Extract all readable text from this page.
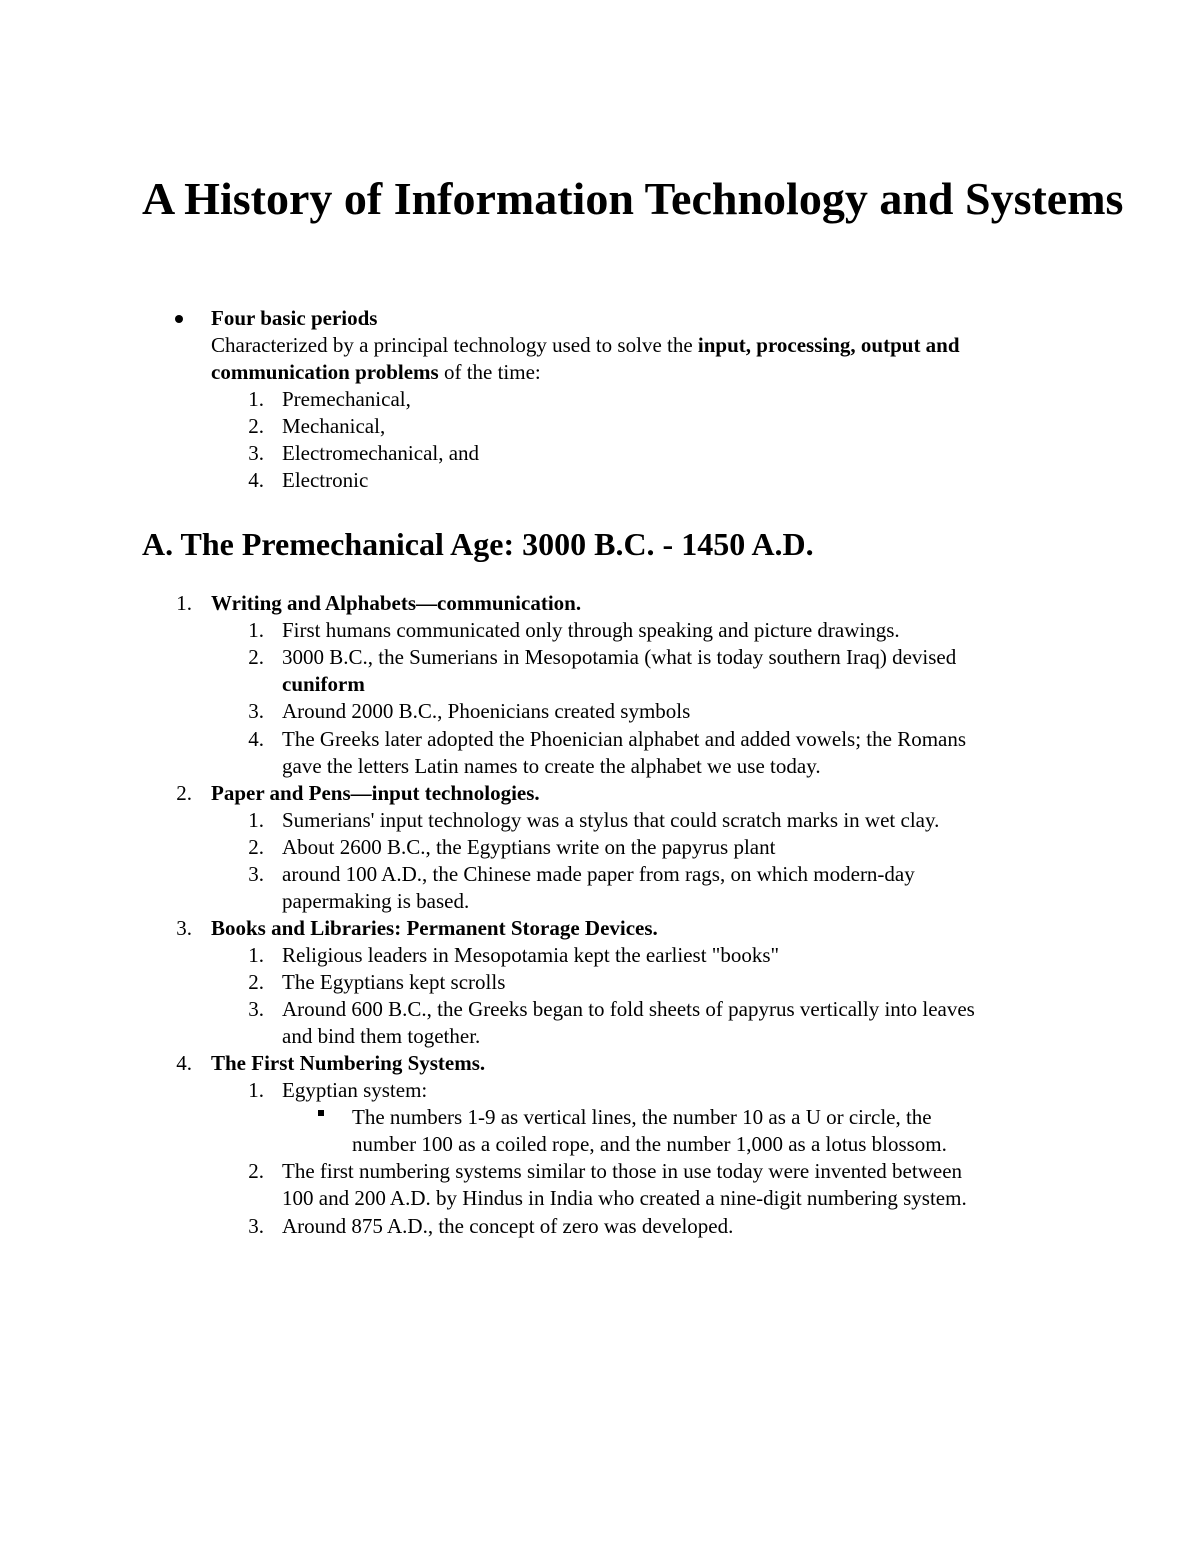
A History of Information Technology and Systems
Four basic periods
Characterized by a principal technology used to solve the input, processing, output and
communication problems of the time:
1. Premechanical,
2. Mechanical,
3. Electromechanical, and
4. Electronic
A. The Premechanical Age: 3000 B.C. - 1450 A.D.
1. Writing and Alphabets—communication.
1. First humans communicated only through speaking and picture drawings.
2. 3000 B.C., the Sumerians in Mesopotamia (what is today southern Iraq) devised
cuniform
3. Around 2000 B.C., Phoenicians created symbols
4. The Greeks later adopted the Phoenician alphabet and added vowels; the Romans
gave the letters Latin names to create the alphabet we use today.
2. Paper and Pens—input technologies.
1. Sumerians' input technology was a stylus that could scratch marks in wet clay.
2. About 2600 B.C., the Egyptians write on the papyrus plant
3. around 100 A.D., the Chinese made paper from rags, on which modern-day
papermaking is based.
3. Books and Libraries: Permanent Storage Devices.
1. Religious leaders in Mesopotamia kept the earliest "books"
2. The Egyptians kept scrolls
3. Around 600 B.C., the Greeks began to fold sheets of papyrus vertically into leaves
and bind them together.
4. The First Numbering Systems.
1. Egyptian system:
The numbers 1-9 as vertical lines, the number 10 as a U or circle, the
number 100 as a coiled rope, and the number 1,000 as a lotus blossom.
2. The first numbering systems similar to those in use today were invented between
100 and 200 A.D. by Hindus in India who created a nine-digit numbering system.
3. Around 875 A.D., the concept of zero was developed.
